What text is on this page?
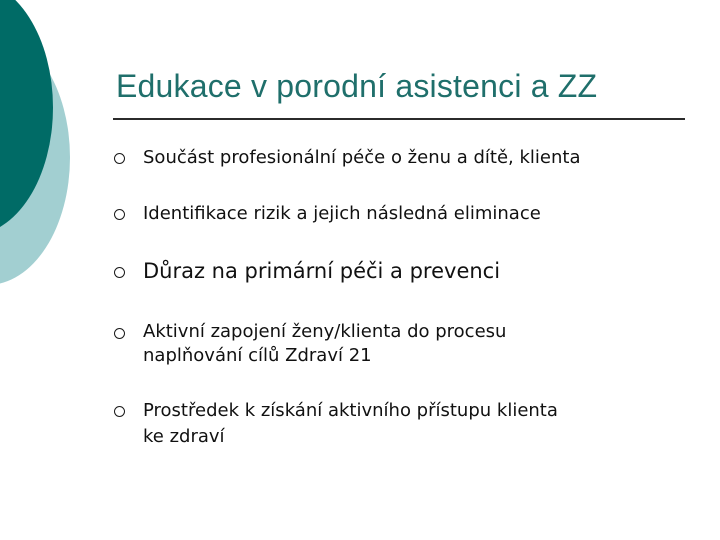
Edukace v porodní asistenci a ZZ
Součást profesionální péče o ženu a dítě, klienta
Identifikace rizik a jejich následná eliminace
Důraz na primární péči a prevenci
Aktivní zapojení ženy/klienta do procesu
naplňování cílů Zdraví 21
Prostředek k získání aktivního přístupu klienta
ke zdraví
